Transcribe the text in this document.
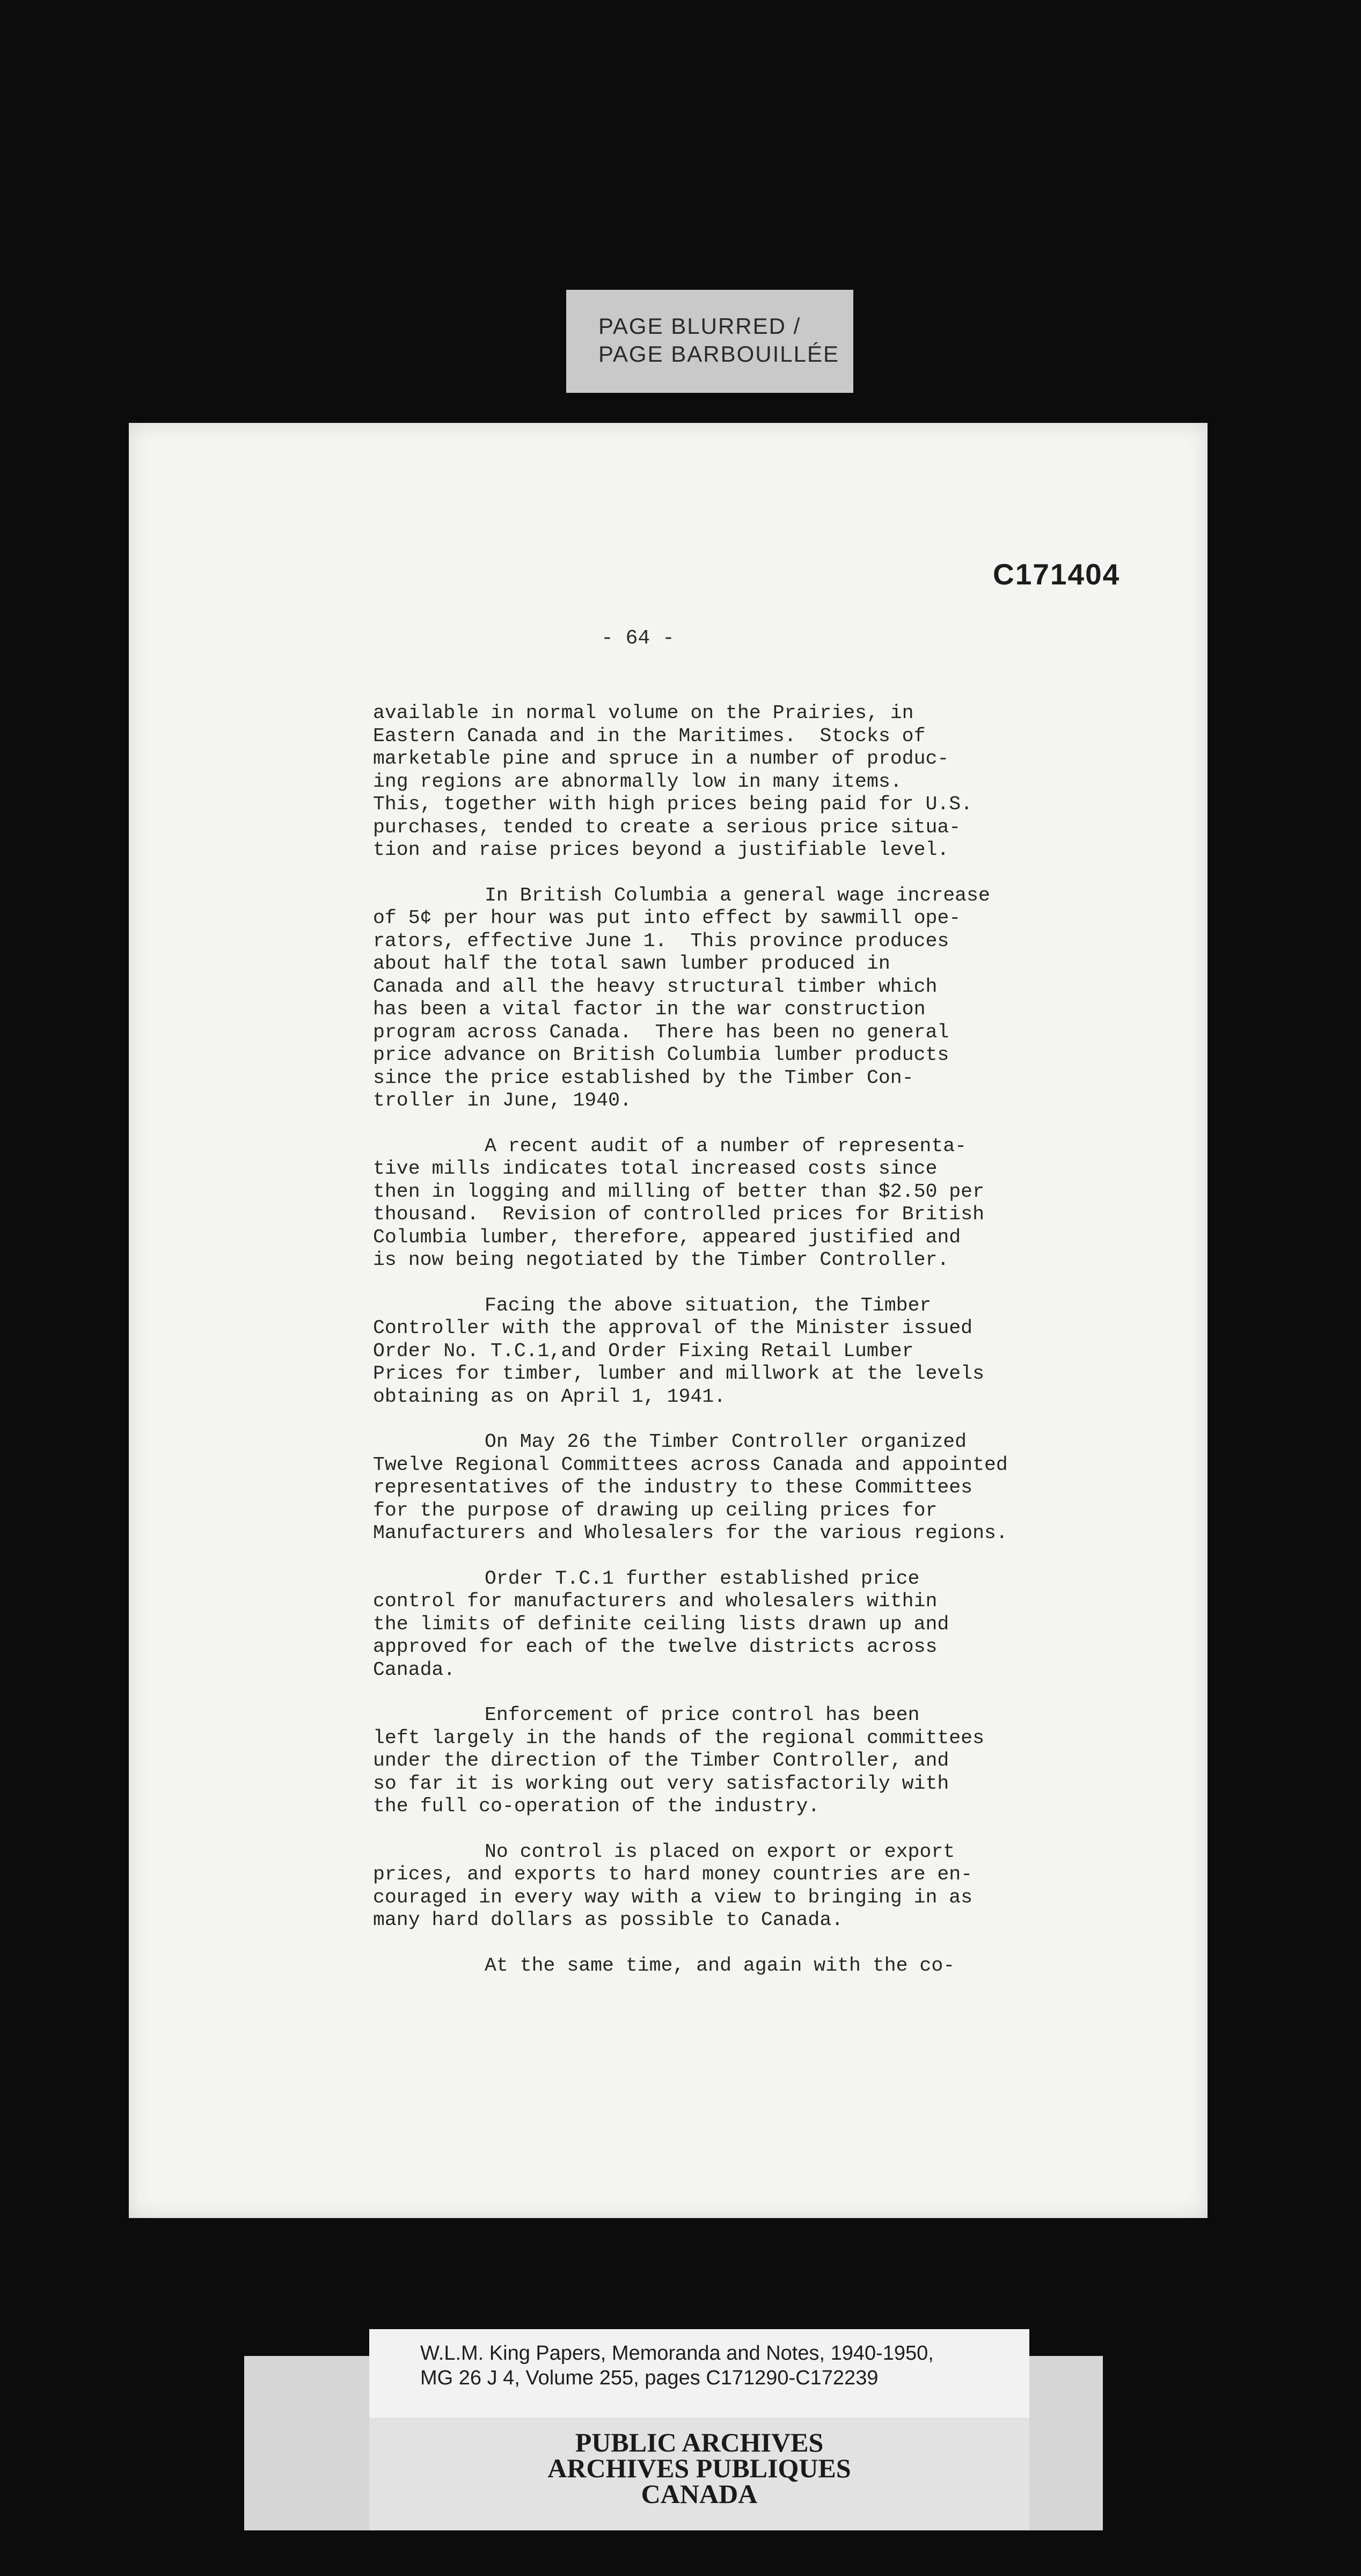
PAGE BLURRED /
PAGE BARBOUILLÉE
C171404
- 64 -
available in normal volume on the Prairies, in
Eastern Canada and in the Maritimes.  Stocks of
marketable pine and spruce in a number of produc-
ing regions are abnormally low in many items.
This, together with high prices being paid for U.S.
purchases, tended to create a serious price situa-
tion and raise prices beyond a justifiable level.
In British Columbia a general wage increase
of 5¢ per hour was put into effect by sawmill ope-
rators, effective June 1.  This province produces
about half the total sawn lumber produced in
Canada and all the heavy structural timber which
has been a vital factor in the war construction
program across Canada.  There has been no general
price advance on British Columbia lumber products
since the price established by the Timber Con-
troller in June, 1940.
A recent audit of a number of representa-
tive mills indicates total increased costs since
then in logging and milling of better than $2.50 per
thousand.  Revision of controlled prices for British
Columbia lumber, therefore, appeared justified and
is now being negotiated by the Timber Controller.
Facing the above situation, the Timber
Controller with the approval of the Minister issued
Order No. T.C.1,and Order Fixing Retail Lumber
Prices for timber, lumber and millwork at the levels
obtaining as on April 1, 1941.
On May 26 the Timber Controller organized
Twelve Regional Committees across Canada and appointed
representatives of the industry to these Committees
for the purpose of drawing up ceiling prices for
Manufacturers and Wholesalers for the various regions.
Order T.C.1 further established price
control for manufacturers and wholesalers within
the limits of definite ceiling lists drawn up and
approved for each of the twelve districts across
Canada.
Enforcement of price control has been
left largely in the hands of the regional committees
under the direction of the Timber Controller, and
so far it is working out very satisfactorily with
the full co-operation of the industry.
No control is placed on export or export
prices, and exports to hard money countries are en-
couraged in every way with a view to bringing in as
many hard dollars as possible to Canada.
At the same time, and again with the co-
PUBLIC ARCHIVES
ARCHIVES PUBLIQUES
CANADA
W.L.M. King Papers, Memoranda and Notes, 1940-1950,
MG 26 J 4, Volume 255, pages C171290-C172239
